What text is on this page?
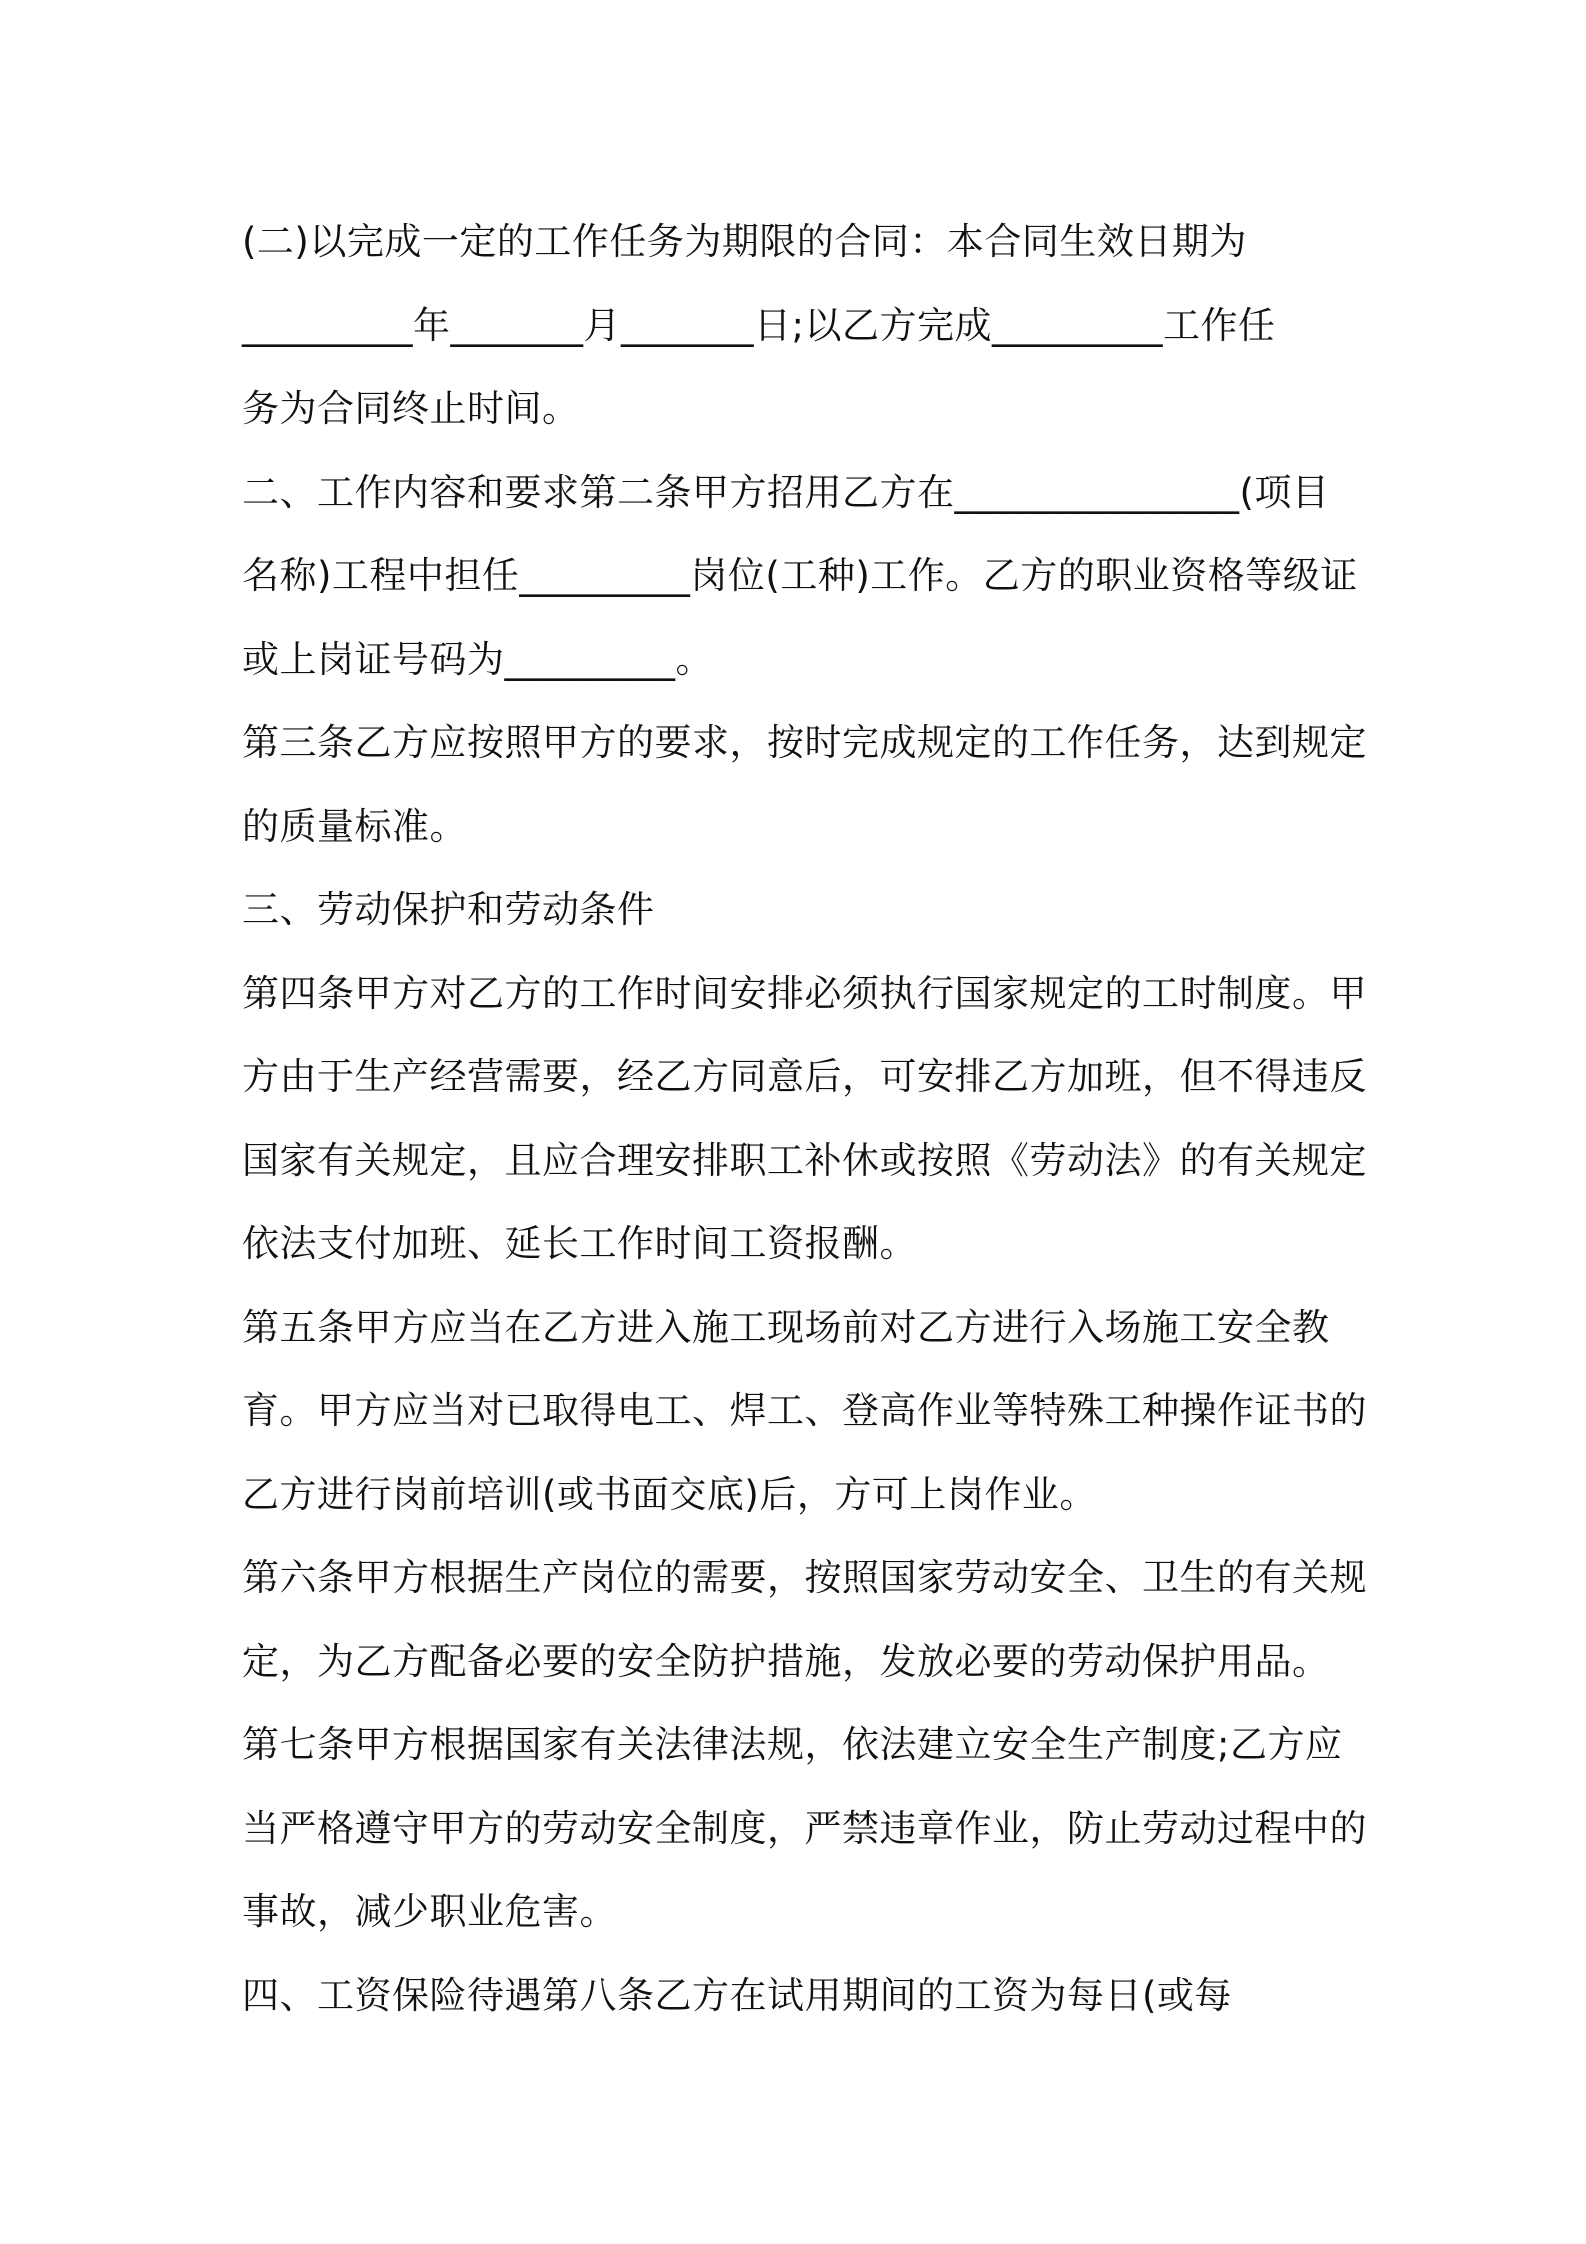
(二)以完成一定的工作任务为期限的合同：本合同生效日期为
_________年_______月_______日;以乙方完成_________工作任
务为合同终止时间。
二、工作内容和要求第二条甲方招用乙方在_______________(项目
名称)工程中担任_________岗位(工种)工作。乙方的职业资格等级证
或上岗证号码为_________。
第三条乙方应按照甲方的要求，按时完成规定的工作任务，达到规定
的质量标准。
三、劳动保护和劳动条件
第四条甲方对乙方的工作时间安排必须执行国家规定的工时制度。甲
方由于生产经营需要，经乙方同意后，可安排乙方加班，但不得违反
国家有关规定，且应合理安排职工补休或按照《劳动法》的有关规定
依法支付加班、延长工作时间工资报酬。
第五条甲方应当在乙方进入施工现场前对乙方进行入场施工安全教
育。甲方应当对已取得电工、焊工、登高作业等特殊工种操作证书的
乙方进行岗前培训(或书面交底)后，方可上岗作业。
第六条甲方根据生产岗位的需要，按照国家劳动安全、卫生的有关规
定，为乙方配备必要的安全防护措施，发放必要的劳动保护用品。
第七条甲方根据国家有关法律法规，依法建立安全生产制度;乙方应
当严格遵守甲方的劳动安全制度，严禁违章作业，防止劳动过程中的
事故，减少职业危害。
四、工资保险待遇第八条乙方在试用期间的工资为每日(或每
